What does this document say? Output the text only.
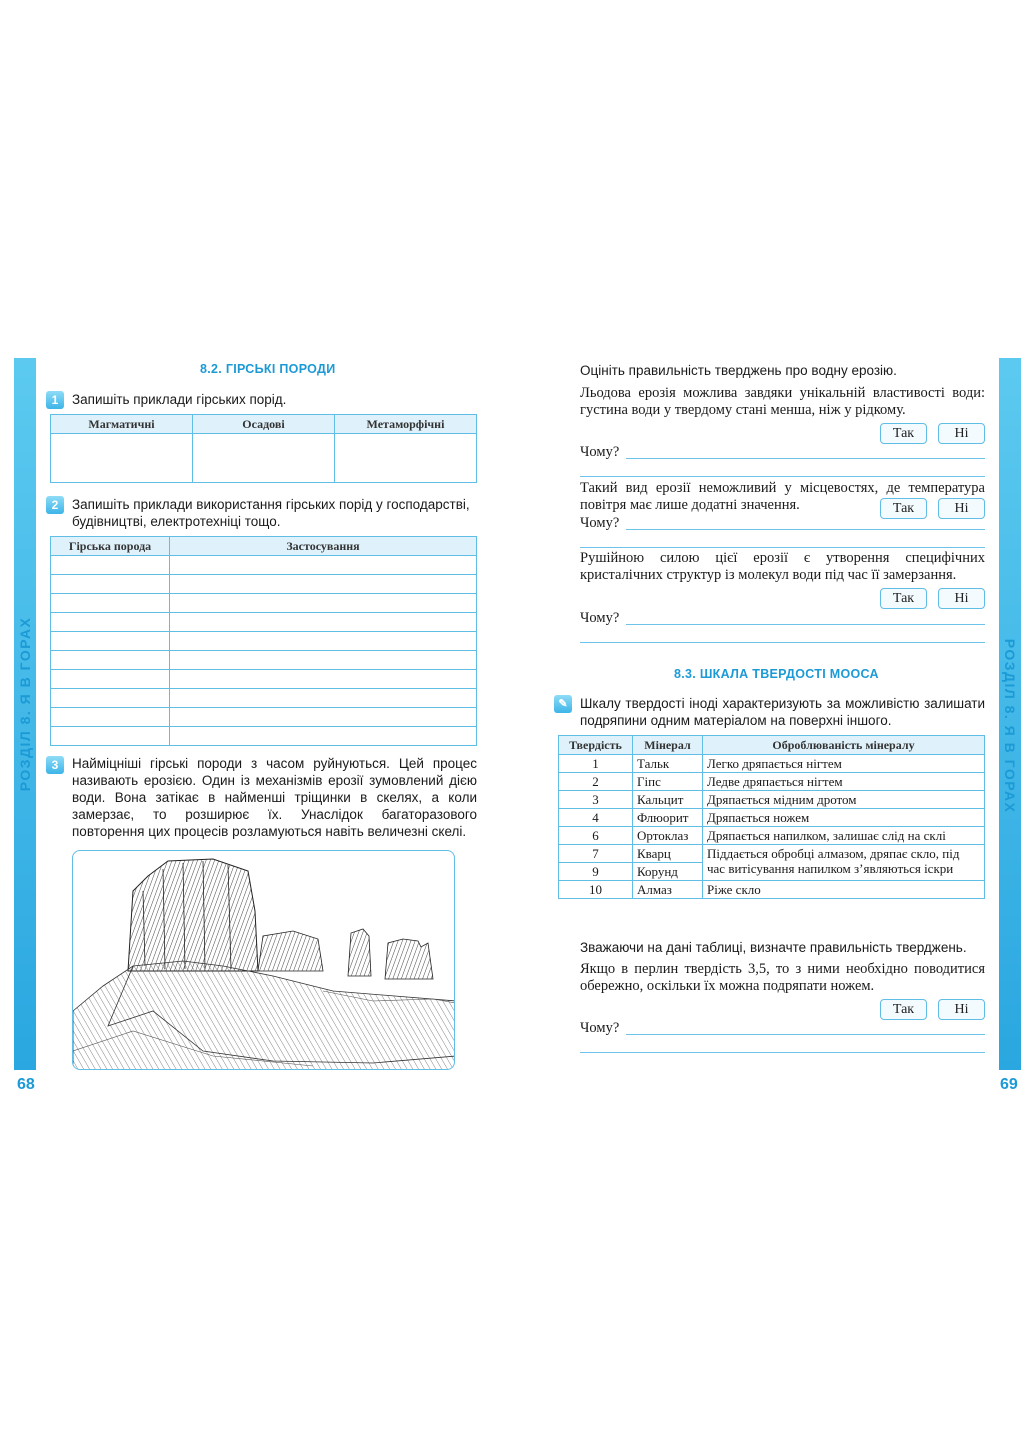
РОЗДІЛ 8. Я В ГОРАХ	РОЗДІЛ 8. Я В ГОРАХ
68	69
8.2. ГІРСЬКІ ПОРОДИ
1	Запишіть приклади гірських порід.
Магматичні	Осадові	Метаморфічні

2	Запишіть приклади використання гірських порід у господарстві, будівництві, електротехніці тощо.
Гірська порода	Застосування

3	Найміцніші гірські породи з часом руйнуються. Цей процес називають ерозією. Один із механізмів ерозії зумовлений дією води. Вона затікає в найменші тріщинки в скелях, а коли замерзає, то розширює їх. Унаслідок багаторазового повторення цих процесів розламуються навіть величезні скелі.
Оцініть правильність тверджень про водну ерозію.
Льодова ерозія можлива завдяки унікальній властивості води: густина води у твердому стані менша, ніж у рідкому.
Так	Ні
Чому?
Такий вид ерозії неможливий у місцевостях, де температура повітря має лише додатні значення.	Так	Ні
Чому?
Рушійною силою цієї ерозії є утворення специфічних кристалічних структур із молекул води під час її замерзання.
Так	Ні
Чому?
8.3. ШКАЛА ТВЕРДОСТІ МООСА
✎ Шкалу твердості іноді характеризують за можливістю залишати подряпини одним матеріалом на поверхні іншого.
Твердість	Мінерал	Оброблюваність мінералу
1	Тальк	Легко дряпається нігтем
2	Гіпс	Ледве дряпається нігтем
3	Кальцит	Дряпається мідним дротом
4	Флюорит	Дряпається ножем
6	Ортоклаз	Дряпається напилком, залишає слід на склі
7	Кварц	Піддається обробці алмазом, дряпає скло, під час витісування напилком з’являються іскри
9	Корунд	
10	Алмаз	Ріже скло
Зважаючи на дані таблиці, визначте правильність тверджень.
Якщо в перлин твердість 3,5, то з ними необхідно поводитися обережно, оскільки їх можна подряпати ножем.
Так	Ні
Чому?
